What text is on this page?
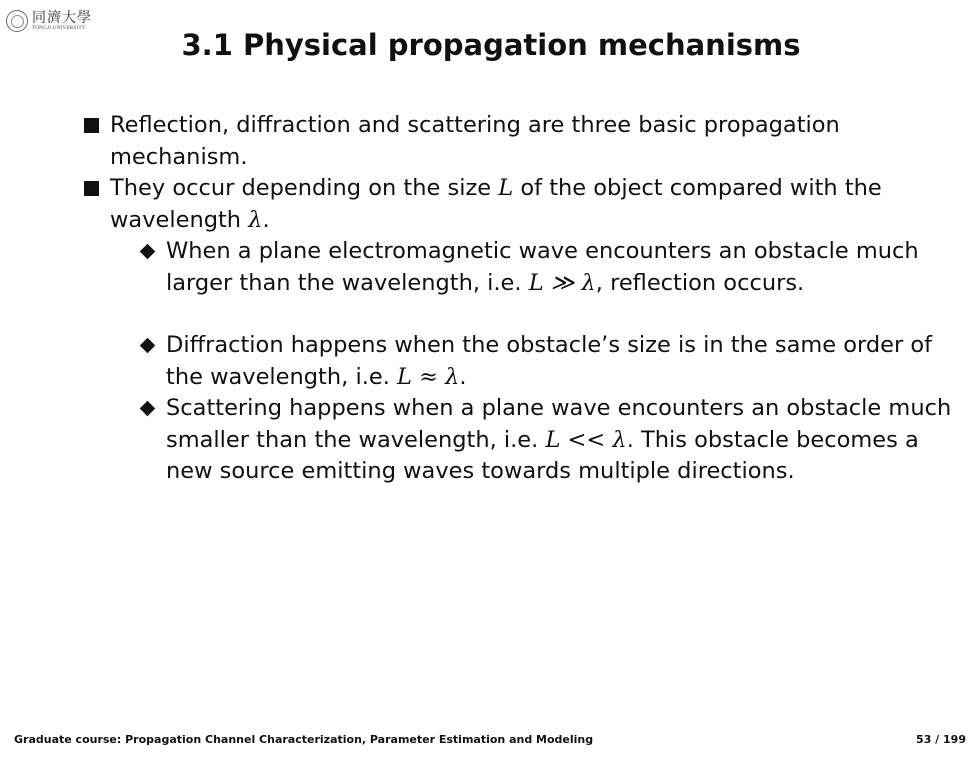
同濟大學
TONGJI UNIVERSITY	3.1 Physical propagation mechanisms
Reflection, diffraction and scattering are three basic propagation mechanism.
They occur depending on the size L of the object compared with the wavelength λ.
When a plane electromagnetic wave encounters an obstacle much larger than the wavelength, i.e. L ≫ λ, reflection occurs.
Diffraction happens when the obstacle’s size is in the same order of the wavelength, i.e. L ≈ λ.
Scattering happens when a plane wave encounters an obstacle much smaller than the wavelength, i.e. L << λ. This obstacle becomes a new source emitting waves towards multiple directions.
Graduate course: Propagation Channel Characterization, Parameter Estimation and Modeling	53 / 199
